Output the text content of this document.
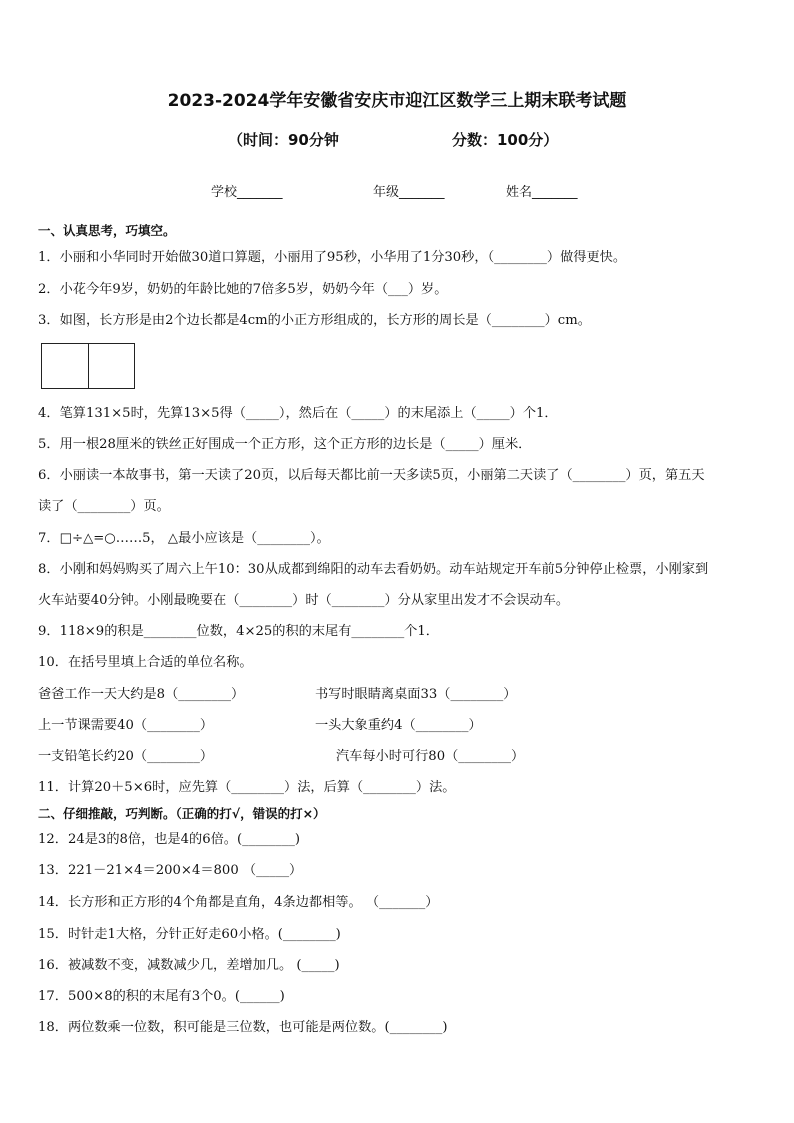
2023-2024学年安徽省安庆市迎江区数学三上期末联考试题
（时间：90分钟	分数：100分）
学校_______	年级_______	姓名_______
一、认真思考，巧填空。
1．小丽和小华同时开始做30道口算题，小丽用了95秒，小华用了1分30秒，（________）做得更快。
2．小花今年9岁，奶奶的年龄比她的7倍多5岁，奶奶今年（___）岁。
3．如图，长方形是由2个边长都是4cm的小正方形组成的，长方形的周长是（________）cm。
4．笔算131×5时，先算13×5得（_____），然后在（_____）的末尾添上（_____）个1．
5．用一根28厘米的铁丝正好围成一个正方形，这个正方形的边长是（_____）厘米．
6．小丽读一本故事书，第一天读了20页，以后每天都比前一天多读5页，小丽第二天读了（________）页，第五天
读了（________）页。
7．□÷△=○……5， △最小应该是（________）。
8．小刚和妈妈购买了周六上午10：30从成都到绵阳的动车去看奶奶。动车站规定开车前5分钟停止检票，小刚家到
火车站要40分钟。小刚最晚要在（________）时（________）分从家里出发才不会误动车。
9．118×9的积是________位数，4×25的积的末尾有________个1．
10．在括号里填上合适的单位名称。
爸爸工作一天大约是8（________）	书写时眼睛离桌面33（________）
上一节课需要40（________）	一头大象重约4（________）
一支铅笔长约20（________）	汽车每小时可行80（________）
11．计算20＋5×6时，应先算（________）法，后算（________）法。
二、仔细推敲，巧判断。（正确的打√，错误的打×）
12．24是3的8倍，也是4的6倍。(________)
13．221－21×4＝200×4＝800 （_____）
14．长方形和正方形的4个角都是直角，4条边都相等。 （_______）
15．时针走1大格，分针正好走60小格。(________)
16．被减数不变，减数减少几，差增加几。 (_____)
17．500×8的积的末尾有3个0。(______)
18．两位数乘一位数，积可能是三位数，也可能是两位数。(________)
